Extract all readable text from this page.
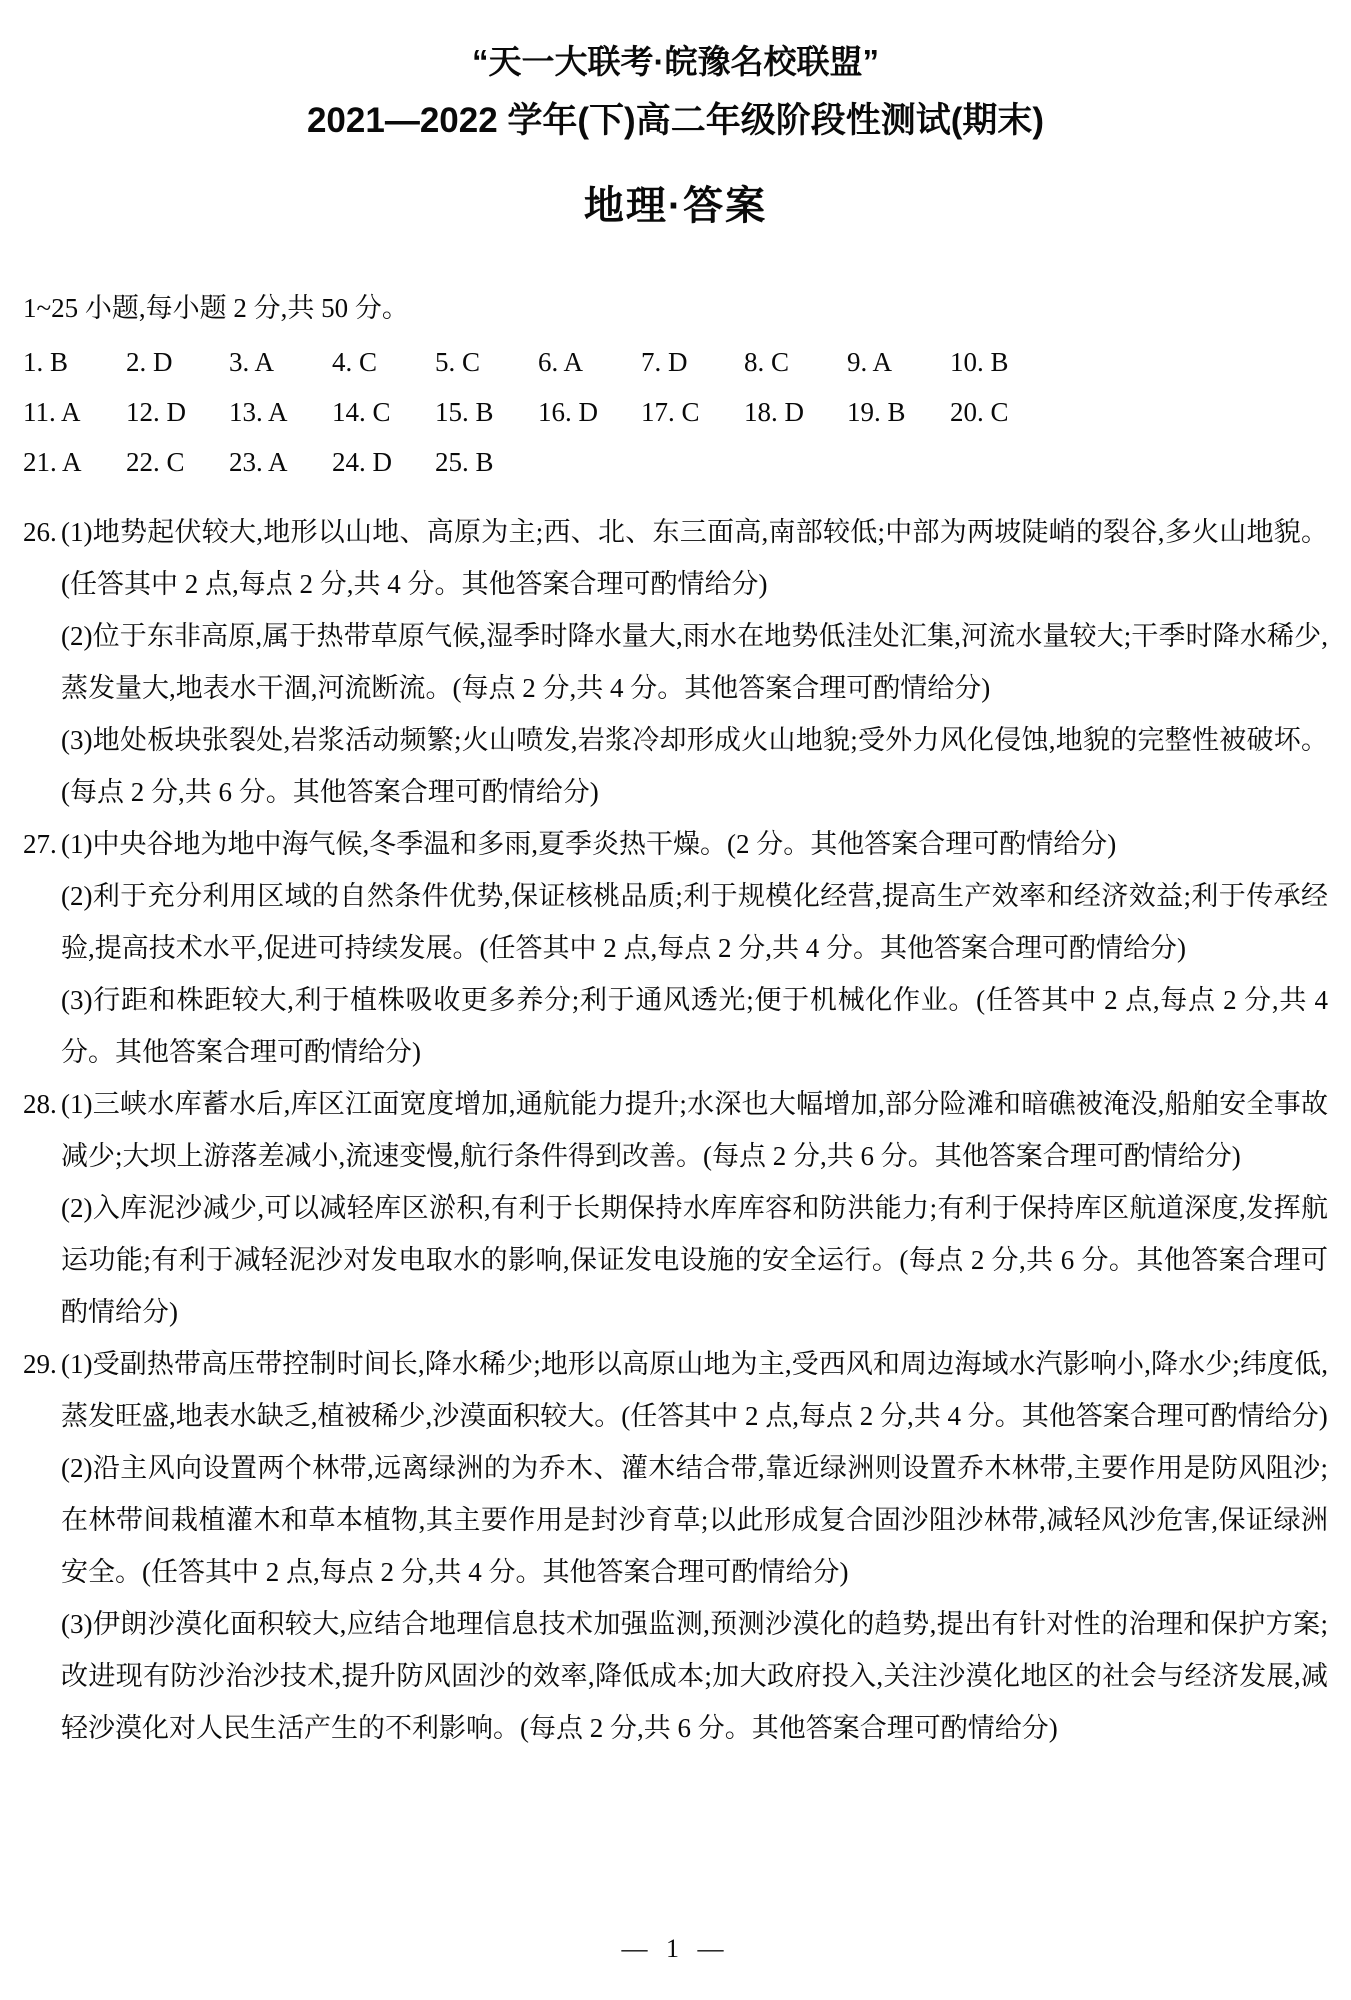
“天一大联考·皖豫名校联盟”
2021—2022 学年(下)高二年级阶段性测试(期末)
地理·答案

1~25 小题,每小题 2 分,共 50 分。

1. B	2. D	3. A	4. C	5. C	6. A	7. D	8. C	9. A	10. B
11. A	12. D	13. A	14. C	15. B	16. D	17. C	18. D	19. B	20. C
21. A	22. C	23. A	24. D	25. B
26. (1)地势起伏较大,地形以山地、高原为主;西、北、东三面高,南部较低;中部为两坡陡峭的裂谷,多火山地貌。(任答其中 2 点,每点 2 分,共 4 分。其他答案合理可酌情给分)

(2)位于东非高原,属于热带草原气候,湿季时降水量大,雨水在地势低洼处汇集,河流水量较大;干季时降水稀少,蒸发量大,地表水干涸,河流断流。(每点 2 分,共 4 分。其他答案合理可酌情给分)

(3)地处板块张裂处,岩浆活动频繁;火山喷发,岩浆冷却形成火山地貌;受外力风化侵蚀,地貌的完整性被破坏。(每点 2 分,共 6 分。其他答案合理可酌情给分)

27. (1)中央谷地为地中海气候,冬季温和多雨,夏季炎热干燥。(2 分。其他答案合理可酌情给分)

(2)利于充分利用区域的自然条件优势,保证核桃品质;利于规模化经营,提高生产效率和经济效益;利于传承经验,提高技术水平,促进可持续发展。(任答其中 2 点,每点 2 分,共 4 分。其他答案合理可酌情给分)

(3)行距和株距较大,利于植株吸收更多养分;利于通风透光;便于机械化作业。(任答其中 2 点,每点 2 分,共 4 分。其他答案合理可酌情给分)

28. (1)三峡水库蓄水后,库区江面宽度增加,通航能力提升;水深也大幅增加,部分险滩和暗礁被淹没,船舶安全事故减少;大坝上游落差减小,流速变慢,航行条件得到改善。(每点 2 分,共 6 分。其他答案合理可酌情给分)

(2)入库泥沙减少,可以减轻库区淤积,有利于长期保持水库库容和防洪能力;有利于保持库区航道深度,发挥航运功能;有利于减轻泥沙对发电取水的影响,保证发电设施的安全运行。(每点 2 分,共 6 分。其他答案合理可酌情给分)

29. (1)受副热带高压带控制时间长,降水稀少;地形以高原山地为主,受西风和周边海域水汽影响小,降水少;纬度低,蒸发旺盛,地表水缺乏,植被稀少,沙漠面积较大。(任答其中 2 点,每点 2 分,共 4 分。其他答案合理可酌情给分)

(2)沿主风向设置两个林带,远离绿洲的为乔木、灌木结合带,靠近绿洲则设置乔木林带,主要作用是防风阻沙;在林带间栽植灌木和草本植物,其主要作用是封沙育草;以此形成复合固沙阻沙林带,减轻风沙危害,保证绿洲安全。(任答其中 2 点,每点 2 分,共 4 分。其他答案合理可酌情给分)

(3)伊朗沙漠化面积较大,应结合地理信息技术加强监测,预测沙漠化的趋势,提出有针对性的治理和保护方案;改进现有防沙治沙技术,提升防风固沙的效率,降低成本;加大政府投入,关注沙漠化地区的社会与经济发展,减轻沙漠化对人民生活产生的不利影响。(每点 2 分,共 6 分。其他答案合理可酌情给分)

— 1 —
